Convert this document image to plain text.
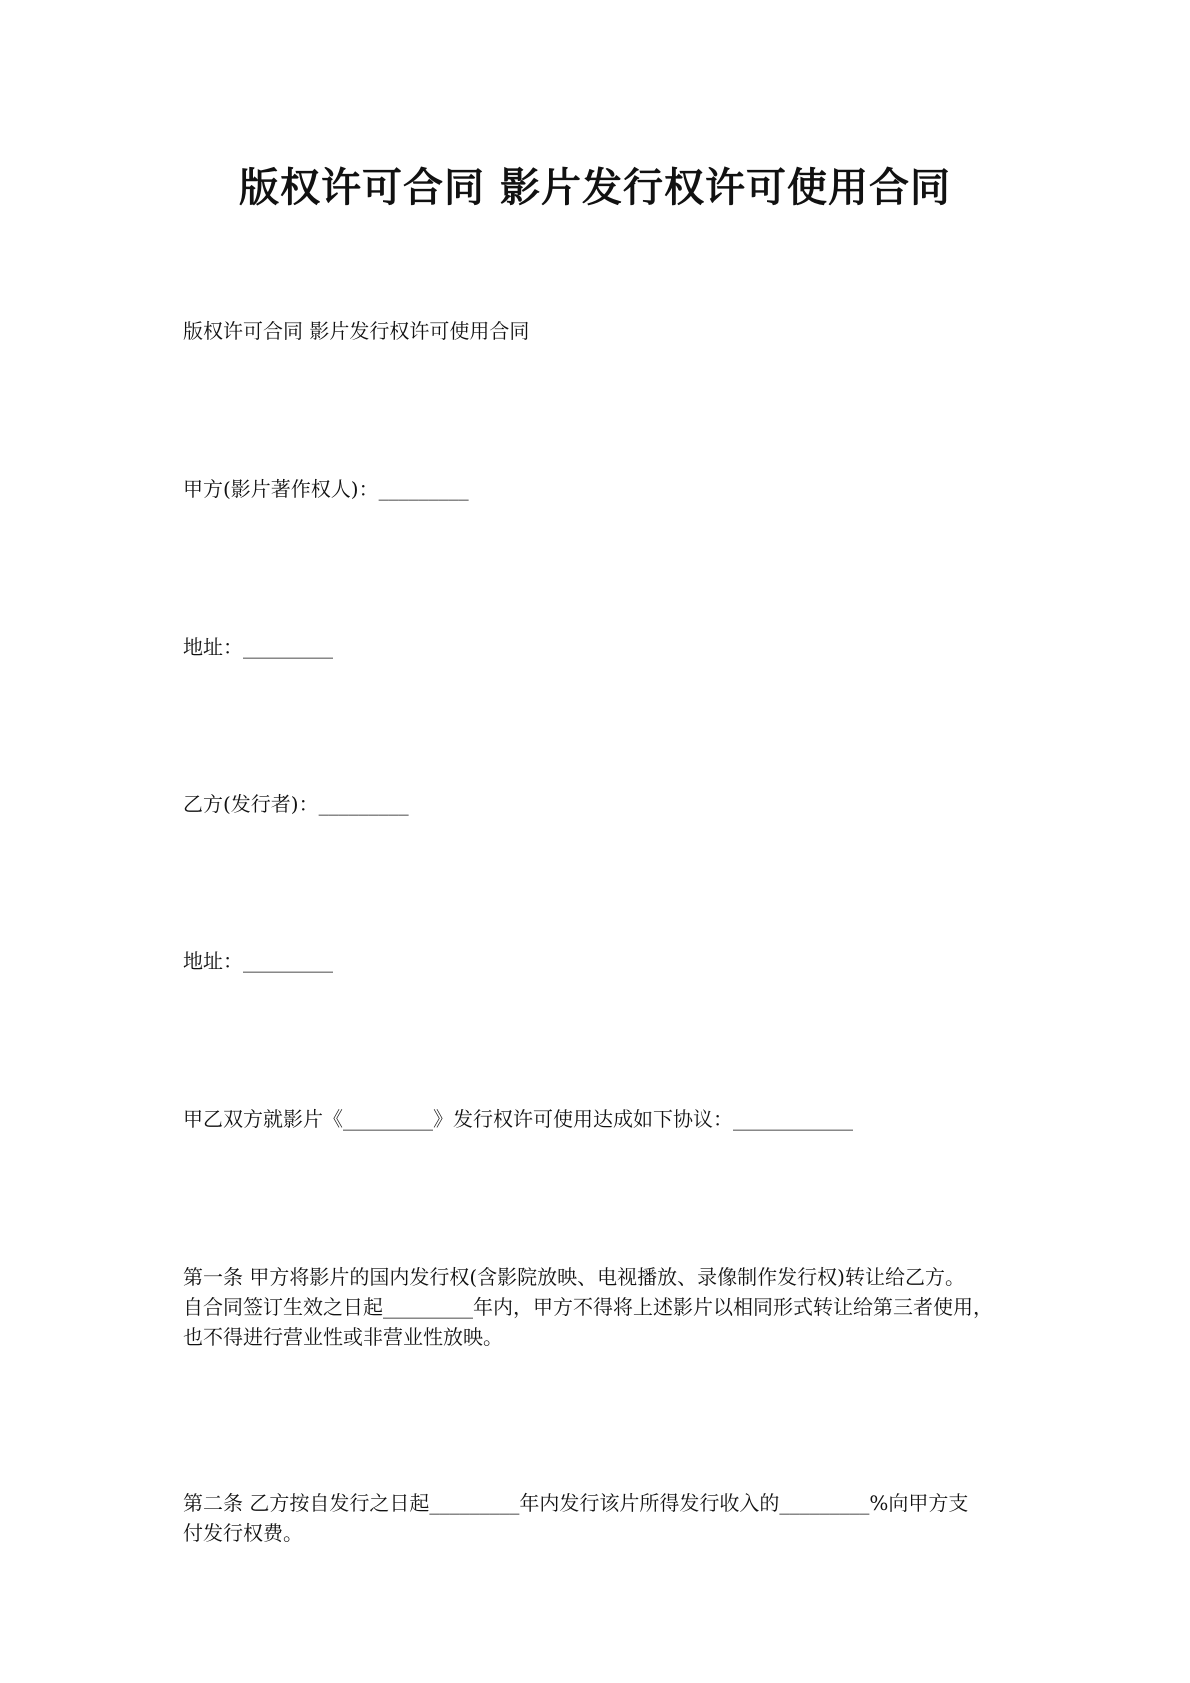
版权许可合同 影片发行权许可使用合同

版权许可合同 影片发行权许可使用合同

甲方(影片著作权人)：_________

地址：_________

乙方(发行者)：_________

地址：_________

甲乙双方就影片《_________》发行权许可使用达成如下协议：____________

第一条 甲方将影片的国内发行权(含影院放映、电视播放、录像制作发行权)转让给乙方。
自合同签订生效之日起_________年内，甲方不得将上述影片以相同形式转让给第三者使用，
也不得进行营业性或非营业性放映。
第二条 乙方按自发行之日起_________年内发行该片所得发行收入的_________%向甲方支
付发行权费。
